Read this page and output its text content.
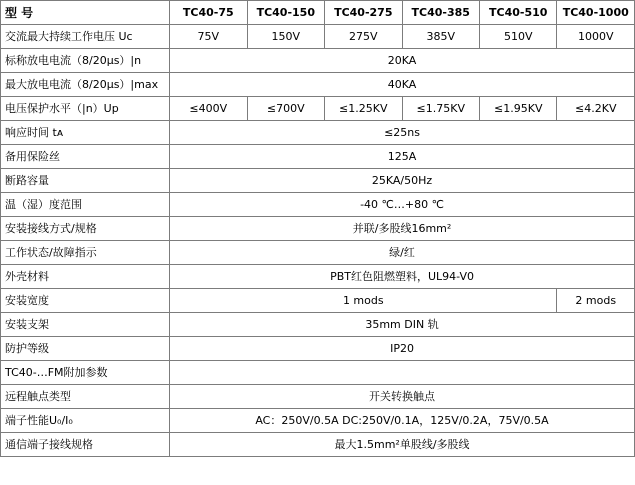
型 号	TC40-75	TC40-150	TC40-275	TC40-385	TC40-510	TC40-1000
交流最大持续工作电压 Uc	75V	150V	275V	385V	510V	1000V
标称放电电流（8/20μs）|n	20KA					
最大放电电流（8/20μs）|max	40KA					
电压保护水平（|n）Up	≤400V	≤700V	≤1.25KV	≤1.75KV	≤1.95KV	≤4.2KV
响应时间 tᴀ	≤25ns					
备用保险丝	125A					
断路容量	25KA/50Hz					
温（湿）度范围	-40 ℃…+80 ℃					
安装接线方式/规格	并联/多股线16mm²					
工作状态/故障指示	绿/红					
外壳材料	PBT红色阻燃塑料，UL94-V0					
安装宽度	1 mods					2 mods
安装支架	35mm DIN 轨					
防护等级	IP20					
TC40-…FM附加参数						
远程触点类型	开关转换触点					
端子性能U₀/I₀	AC：250V/0.5A DC:250V/0.1A，125V/0.2A，75V/0.5A					
通信端子接线规格	最大1.5mm²单股线/多股线					
